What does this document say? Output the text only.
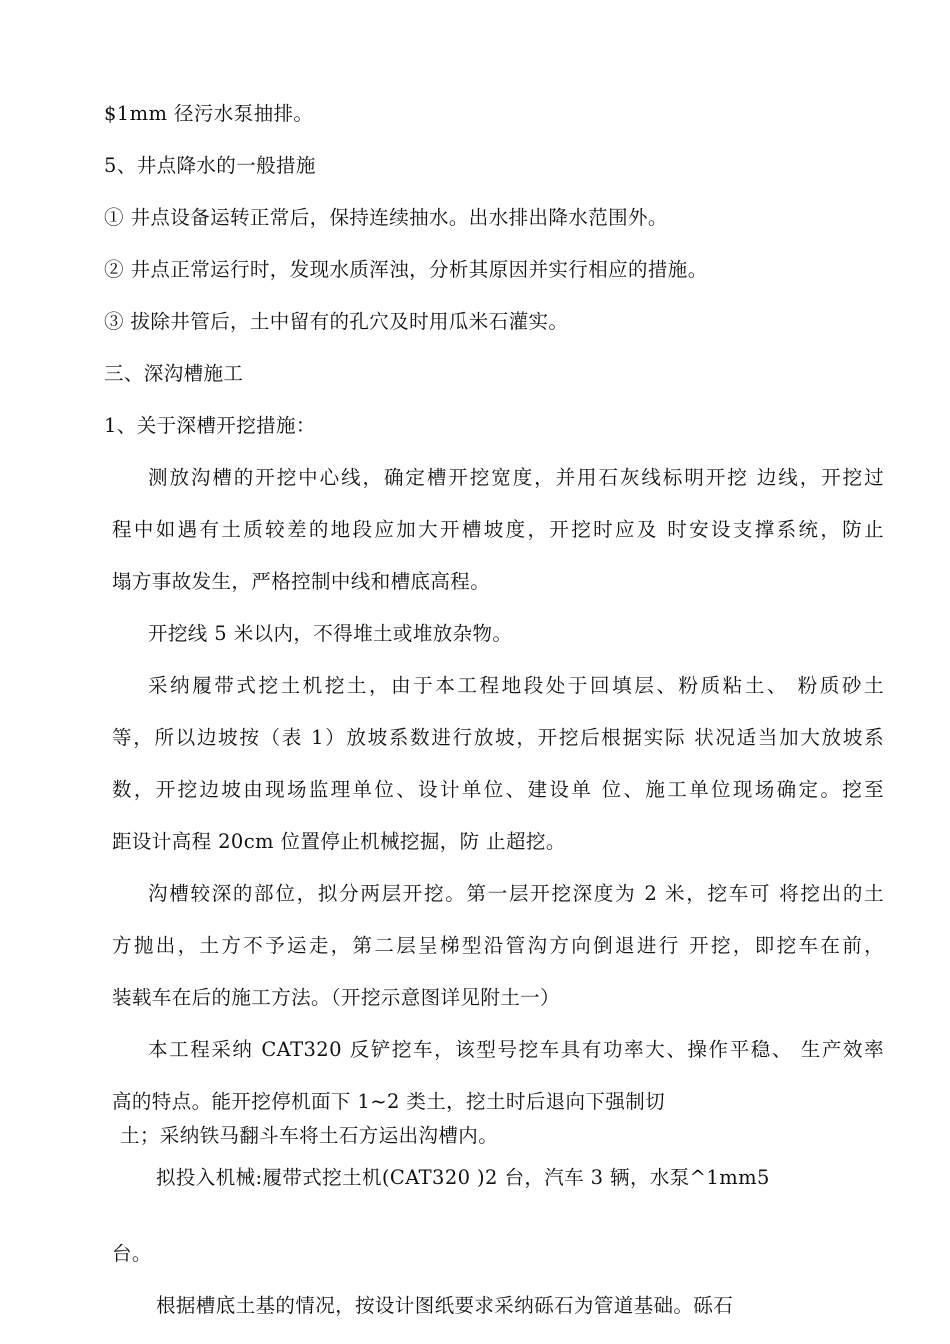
$1mm 径污水泵抽排。
5、井点降水的一般措施
① 井点设备运转正常后，保持连续抽水。出水排出降水范围外。
② 井点正常运行时，发现水质浑浊，分析其原因并实行相应的措施。
③ 拔除井管后，土中留有的孔穴及时用瓜米石灌实。
三、深沟槽施工
1、关于深槽开挖措施：
测放沟槽的开挖中心线，确定槽开挖宽度，并用石灰线标明开挖 边线，开挖过
程中如遇有土质较差的地段应加大开槽坡度，开挖时应及 时安设支撑系统，防止
塌方事故发生，严格控制中线和槽底高程。
开挖线 5 米以内，不得堆土或堆放杂物。
采纳履带式挖土机挖土，由于本工程地段处于回填层、粉质粘土、 粉质砂土
等，所以边坡按（表 1）放坡系数进行放坡，开挖后根据实际 状况适当加大放坡系
数，开挖边坡由现场监理单位、设计单位、建设单 位、施工单位现场确定。挖至
距设计高程 20cm 位置停止机械挖掘，防 止超挖。
沟槽较深的部位，拟分两层开挖。第一层开挖深度为 2 米，挖车可 将挖出的土
方抛出，土方不予运走，第二层呈梯型沿管沟方向倒退进行 开挖，即挖车在前，
装载车在后的施工方法。（开挖示意图详见附土一）
本工程采纳 CAT320 反铲挖车，该型号挖车具有功率大、操作平稳、 生产效率
高的特点。能开挖停机面下 1~2 类土，挖土时后退向下强制切
土；采纳铁马翻斗车将土石方运出沟槽内。
拟投入机械:履带式挖土机(CAT320 )2 台，汽车 3 辆，水泵^1mm5
台。
根据槽底土基的情况，按设计图纸要求采纳砾石为管道基础。砾石
